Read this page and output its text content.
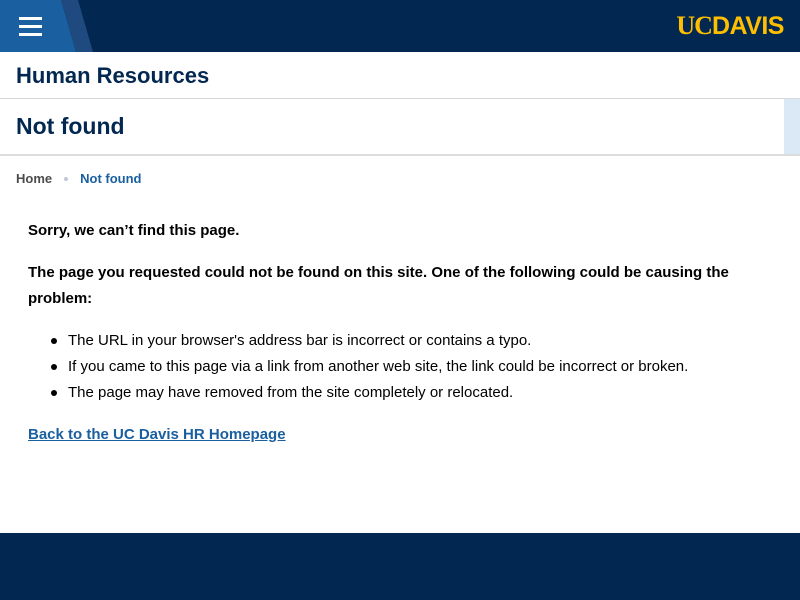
UCDAVIS
Human Resources
Not found
Home Not found

Sorry, we can’t find this page.

The page you requested could not be found on this site. One of the following could be causing the problem:

The URL in your browser's address bar is incorrect or contains a typo.
If you came to this page via a link from another web site, the link could be incorrect or broken.
The page may have removed from the site completely or relocated.
Back to the UC Davis HR Homepage
